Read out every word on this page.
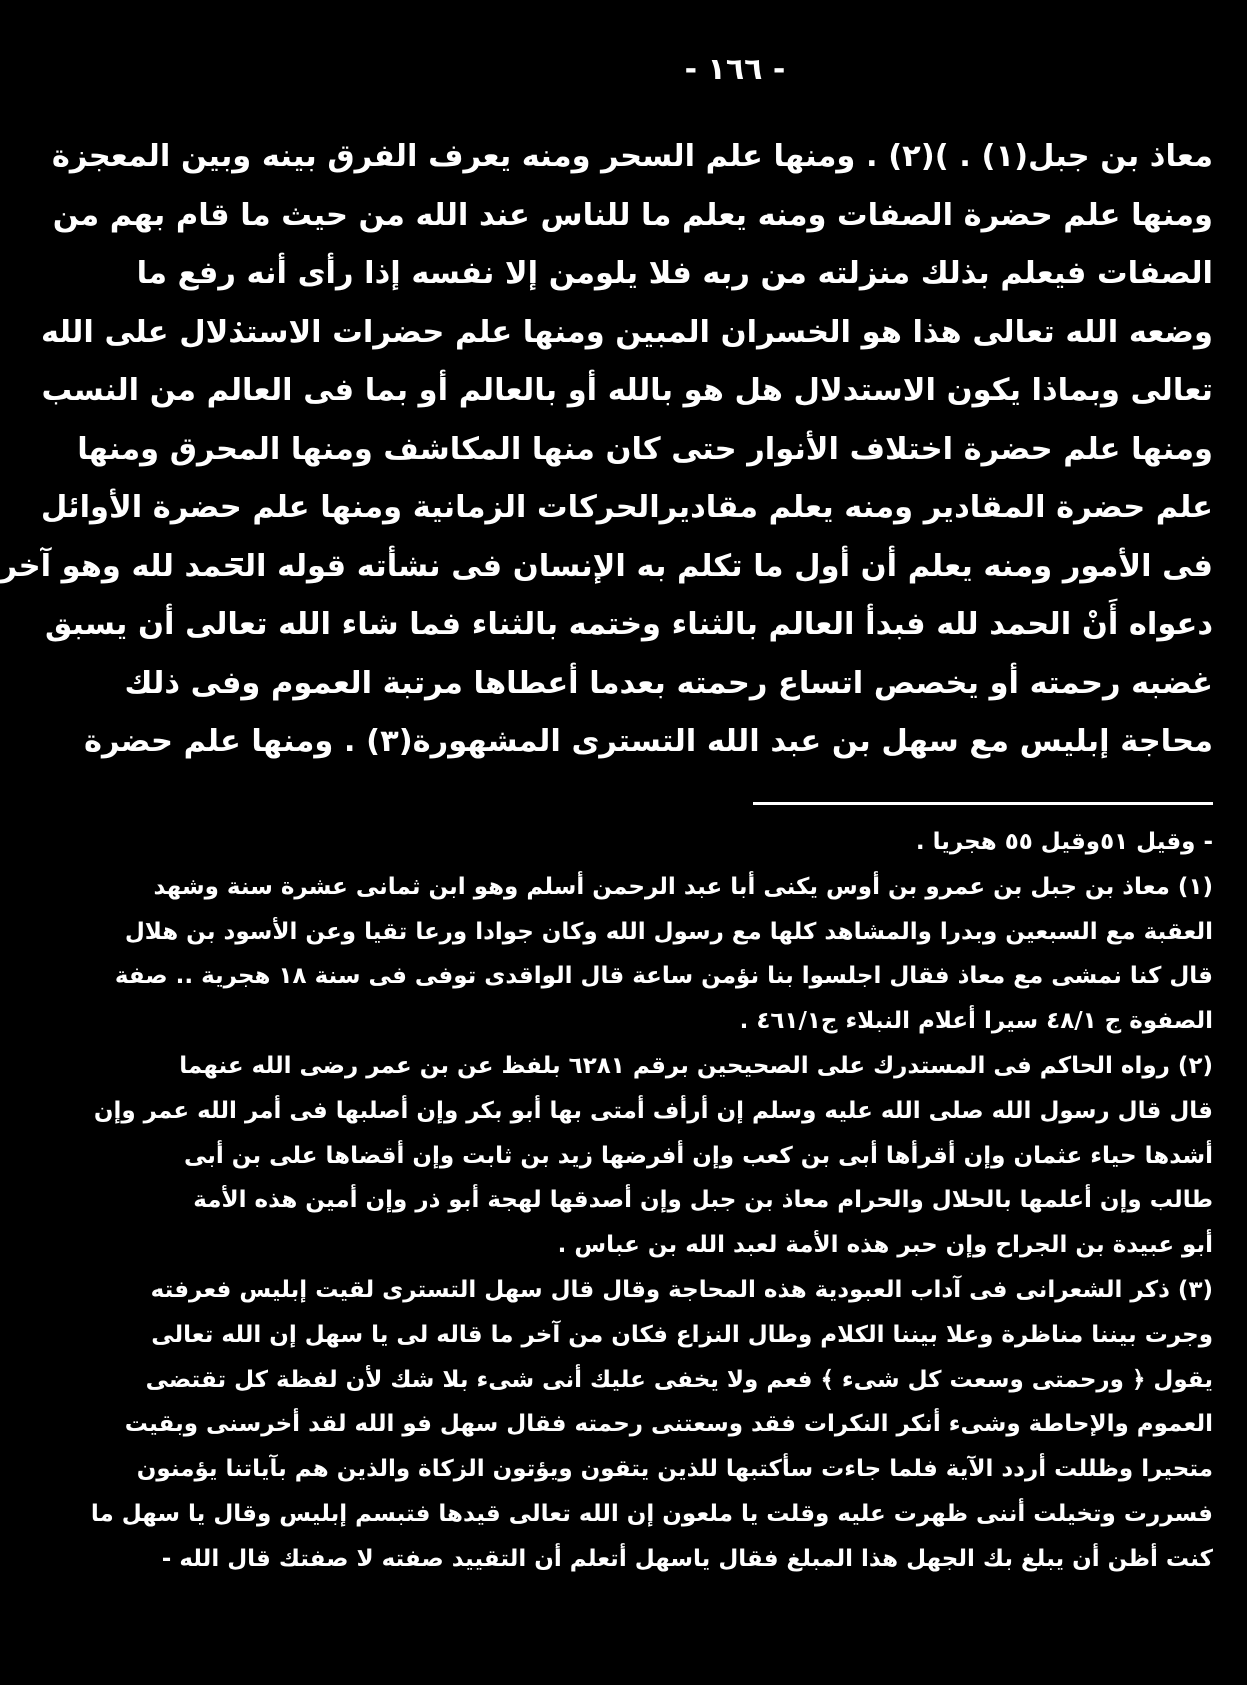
- ١٦٦ -
معاذ بن جبل(١) . )(٢) . ومنها علم السحر ومنه يعرف الفرق بينه وبين المعجزة
ومنها علم حضرة الصفات ومنه يعلم ما للناس عند الله من حيث ما قام بهم من
الصفات فيعلم بذلك منزلته من ربه فلا يلومن إلا نفسه إذا رأى أنه رفع ما
وضعه الله تعالى هذا هو الخسران المبين ومنها علم حضرات الاستدلال على الله
تعالى وبماذا يكون الاستدلال هل هو بالله أو بالعالم أو بما فى العالم من النسب
ومنها علم حضرة اختلاف الأنوار حتى كان منها المكاشف ومنها المحرق ومنها
علم حضرة المقادير ومنه يعلم مقاديرالحركات الزمانية ومنها علم حضرة الأوائل
فى الأمور ومنه يعلم أن أول ما تكلم به الإنسان فى نشأته قوله الحمد لله وهو آخر
دعواه أَنْ الحمد لله فبدأ العالم بالثناء وختمه بالثناء فما شاء الله تعالى أن يسبق
غضبه رحمته أو يخصص اتساع رحمته بعدما أعطاها مرتبة العموم وفى ذلك
محاجة إبليس مع سهل بن عبد الله التسترى المشهورة(٣) . ومنها علم حضرة
- وقيل ٥١وقيل ٥٥ هجريا .
(١) معاذ بن جبل بن عمرو بن أوس يكنى أبا عبد الرحمن أسلم وهو ابن ثمانى عشرة سنة وشهد
العقبة مع السبعين وبدرا والمشاهد كلها مع رسول الله وكان جوادا ورعا تقيا وعن الأسود بن هلال
قال كنا نمشى مع معاذ فقال اجلسوا بنا نؤمن ساعة قال الواقدى توفى فى سنة ١٨ هجرية .. صفة
الصفوة ج ٤٨/١ سيرا أعلام النبلاء ج٤٦١/١ .
(٢) رواه الحاكم فى المستدرك على الصحيحين برقم ٦٢٨١ بلفظ عن بن عمر رضى الله عنهما
قال قال رسول الله صلى الله عليه وسلم إن أرأف أمتى بها أبو بكر وإن أصلبها فى أمر الله عمر وإن
أشدها حياء عثمان وإن أقرأها أبى بن كعب وإن أفرضها زيد بن ثابت وإن أقضاها على بن أبى
طالب وإن أعلمها بالحلال والحرام معاذ بن جبل وإن أصدقها لهجة أبو ذر وإن أمين هذه الأمة
أبو عبيدة بن الجراح وإن حبر هذه الأمة لعبد الله بن عباس .
(٣) ذكر الشعرانى فى آداب العبودية هذه المحاجة وقال قال سهل التسترى لقيت إبليس فعرفته
وجرت بيننا مناظرة وعلا بيننا الكلام وطال النزاع فكان من آخر ما قاله لى يا سهل إن الله تعالى
يقول ﴿ ورحمتى وسعت كل شىء ﴾ فعم ولا يخفى عليك أنى شىء بلا شك لأن لفظة كل تقتضى
العموم والإحاطة وشىء أنكر النكرات فقد وسعتنى رحمته فقال سهل فو الله لقد أخرسنى وبقيت
متحيرا وظللت أردد الآية فلما جاءت سأكتبها للذين يتقون ويؤتون الزكاة والذين هم بآياتنا يؤمنون
فسررت وتخيلت أننى ظهرت عليه وقلت يا ملعون إن الله تعالى قيدها فتبسم إبليس وقال يا سهل ما
كنت أظن أن يبلغ بك الجهل هذا المبلغ فقال ياسهل أتعلم أن التقييد صفته لا صفتك قال الله -
